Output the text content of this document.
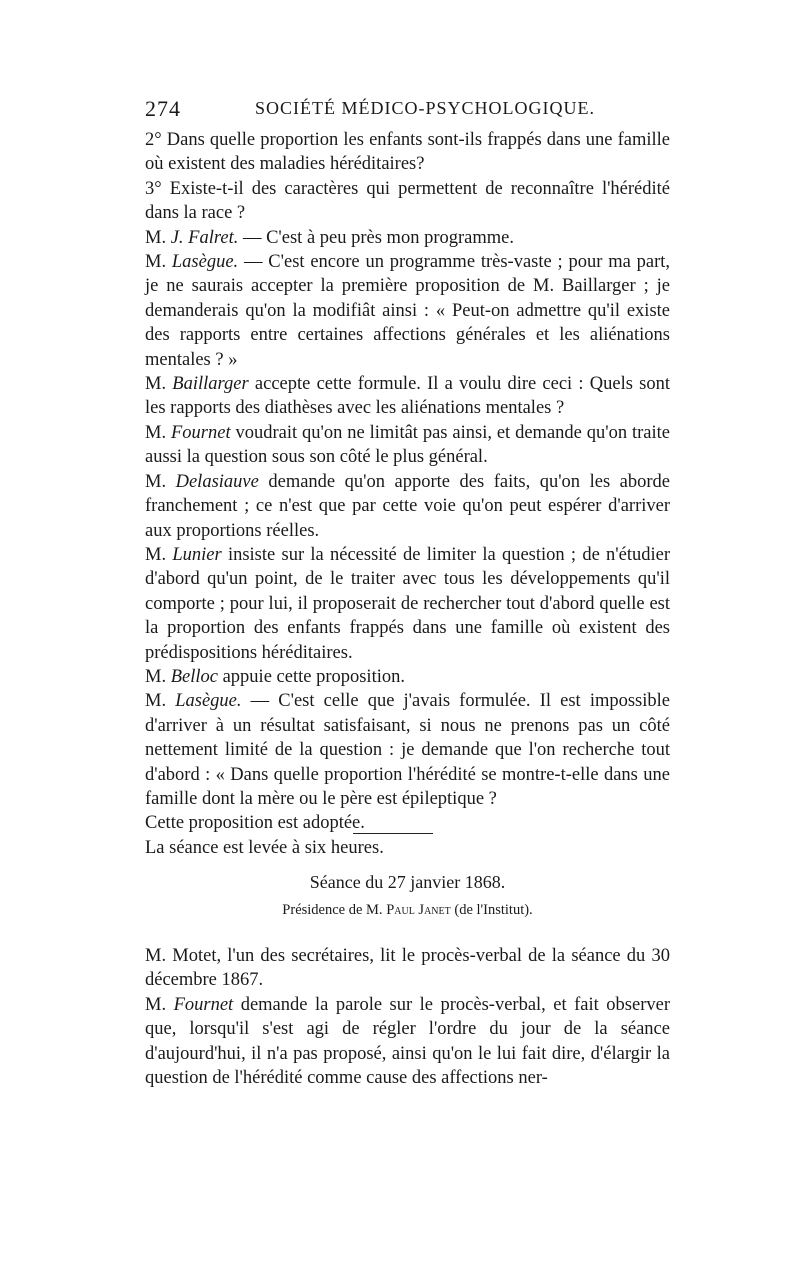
274	SOCIÉTÉ MÉDICO-PSYCHOLOGIQUE.

2° Dans quelle proportion les enfants sont-ils frappés dans une famille où existent des maladies héréditaires?

3° Existe-t-il des caractères qui permettent de reconnaître l'hérédité dans la race ?

M. J. Falret. — C'est à peu près mon programme.

M. Lasègue. — C'est encore un programme très-vaste ; pour ma part, je ne saurais accepter la première proposition de M. Baillarger ; je demanderais qu'on la modifiât ainsi : « Peut-on admettre qu'il existe des rapports entre certaines affections générales et les aliénations mentales ? »

M. Baillarger accepte cette formule. Il a voulu dire ceci : Quels sont les rapports des diathèses avec les aliénations mentales ?

M. Fournet voudrait qu'on ne limitât pas ainsi, et demande qu'on traite aussi la question sous son côté le plus général.

M. Delasiauve demande qu'on apporte des faits, qu'on les aborde franchement ; ce n'est que par cette voie qu'on peut espérer d'arriver aux proportions réelles.

M. Lunier insiste sur la nécessité de limiter la question ; de n'étudier d'abord qu'un point, de le traiter avec tous les développements qu'il comporte ; pour lui, il proposerait de rechercher tout d'abord quelle est la proportion des enfants frappés dans une famille où existent des prédispositions héréditaires.

M. Belloc appuie cette proposition.

M. Lasègue. — C'est celle que j'avais formulée. Il est impossible d'arriver à un résultat satisfaisant, si nous ne prenons pas un côté nettement limité de la question : je demande que l'on recherche tout d'abord : « Dans quelle proportion l'hérédité se montre-t-elle dans une famille dont la mère ou le père est épileptique ?

Cette proposition est adoptée.

La séance est levée à six heures.

Séance du 27 janvier 1868.
Présidence de M. Paul Janet (de l'Institut).

M. Motet, l'un des secrétaires, lit le procès-verbal de la séance du 30 décembre 1867.

M. Fournet demande la parole sur le procès-verbal, et fait observer que, lorsqu'il s'est agi de régler l'ordre du jour de la séance d'aujourd'hui, il n'a pas proposé, ainsi qu'on le lui fait dire, d'élargir la question de l'hérédité comme cause des affections ner-
